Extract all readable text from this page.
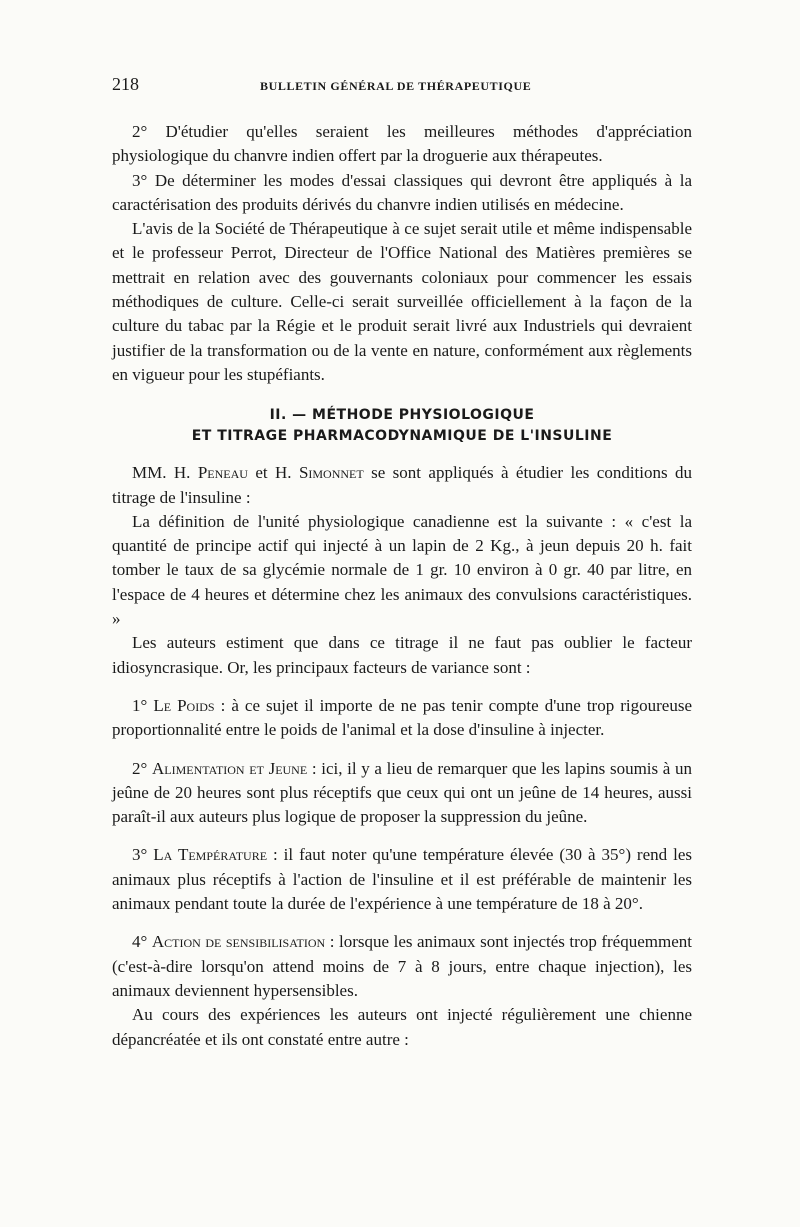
218	BULLETIN GÉNÉRAL DE THÉRAPEUTIQUE

2° D'étudier qu'elles seraient les meilleures méthodes d'appréciation physiologique du chanvre indien offert par la droguerie aux thérapeutes.

3° De déterminer les modes d'essai classiques qui devront être appliqués à la caractérisation des produits dérivés du chanvre indien utilisés en médecine.

L'avis de la Société de Thérapeutique à ce sujet serait utile et même indispensable et le professeur Perrot, Directeur de l'Office National des Matières premières se mettrait en relation avec des gouvernants coloniaux pour commencer les essais méthodiques de culture. Celle-ci serait surveillée officiellement à la façon de la culture du tabac par la Régie et le produit serait livré aux Industriels qui devraient justifier de la transformation ou de la vente en nature, conformément aux règlements en vigueur pour les stupéfiants.

II. — MÉTHODE PHYSIOLOGIQUE
ET TITRAGE PHARMACODYNAMIQUE DE L'INSULINE

MM. H. Peneau et H. Simonnet se sont appliqués à étudier les conditions du titrage de l'insuline :

La définition de l'unité physiologique canadienne est la suivante : « c'est la quantité de principe actif qui injecté à un lapin de 2 Kg., à jeun depuis 20 h. fait tomber le taux de sa glycémie normale de 1 gr. 10 environ à 0 gr. 40 par litre, en l'espace de 4 heures et détermine chez les animaux des convulsions caractéristiques. »

Les auteurs estiment que dans ce titrage il ne faut pas oublier le facteur idiosyncrasique. Or, les principaux facteurs de variance sont :

1° Le Poids : à ce sujet il importe de ne pas tenir compte d'une trop rigoureuse proportionnalité entre le poids de l'animal et la dose d'insuline à injecter.

2° Alimentation et Jeune : ici, il y a lieu de remarquer que les lapins soumis à un jeûne de 20 heures sont plus réceptifs que ceux qui ont un jeûne de 14 heures, aussi paraît-il aux auteurs plus logique de proposer la suppression du jeûne.

3° La Température : il faut noter qu'une température élevée (30 à 35°) rend les animaux plus réceptifs à l'action de l'insuline et il est préférable de maintenir les animaux pendant toute la durée de l'expérience à une température de 18 à 20°.

4° Action de sensibilisation : lorsque les animaux sont injectés trop fréquemment (c'est-à-dire lorsqu'on attend moins de 7 à 8 jours, entre chaque injection), les animaux deviennent hypersensibles.

Au cours des expériences les auteurs ont injecté régulièrement une chienne dépancréatée et ils ont constaté entre autre :
